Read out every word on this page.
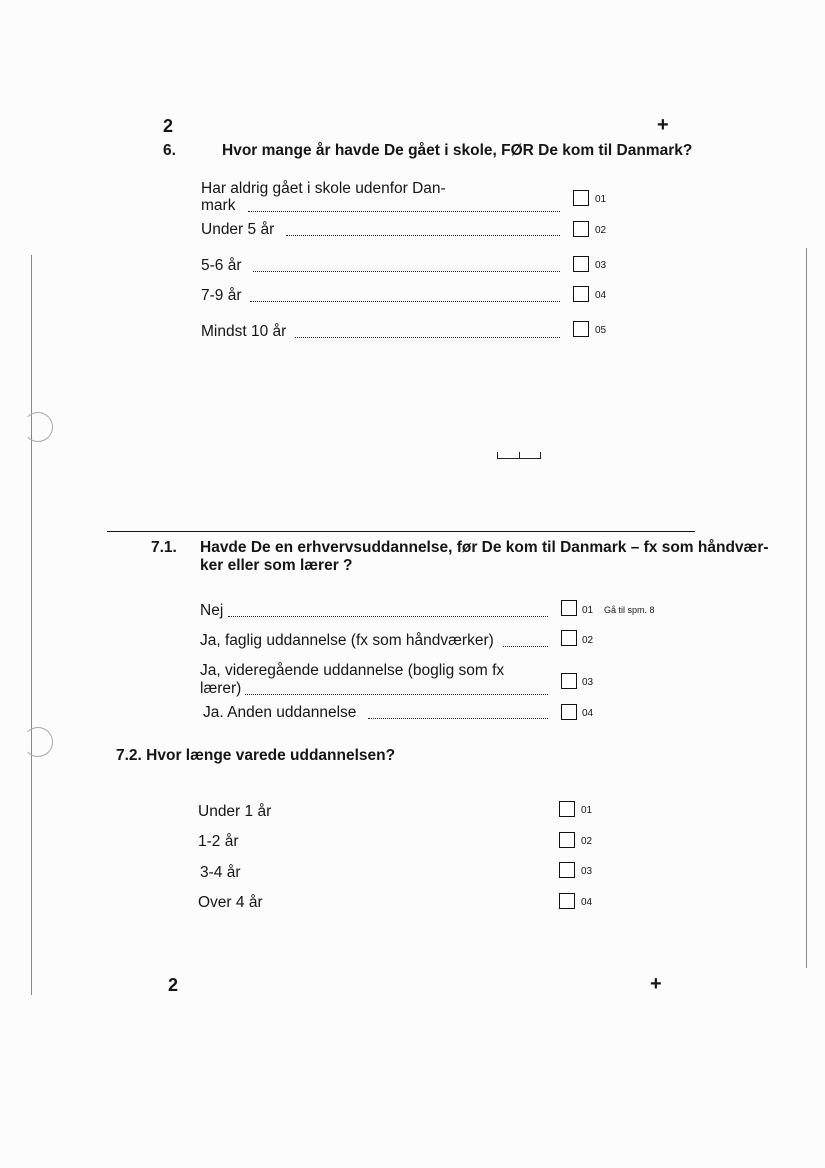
2	+
6.	Hvor mange år havde De gået i skole, FØR De kom til Danmark?
Har aldrig gået i skole udenfor Dan-
mark	01
Under 5 år	02
5-6 år	03
7-9 år	04
Mindst 10 år	05
7.1. Havde De en erhvervsuddannelse, før De kom til Danmark – fx som håndvær-
ker eller som lærer ?
Nej	01 Gå til spm. 8
Ja, faglig uddannelse (fx som håndværker)	02
Ja, videregående uddannelse (boglig som fx
lærer)	03
Ja. Anden uddannelse	04
7.2. Hvor længe varede uddannelsen?
Under 1 år	01
1-2 år	02
3-4 år	03
Over 4 år	04
2	+
